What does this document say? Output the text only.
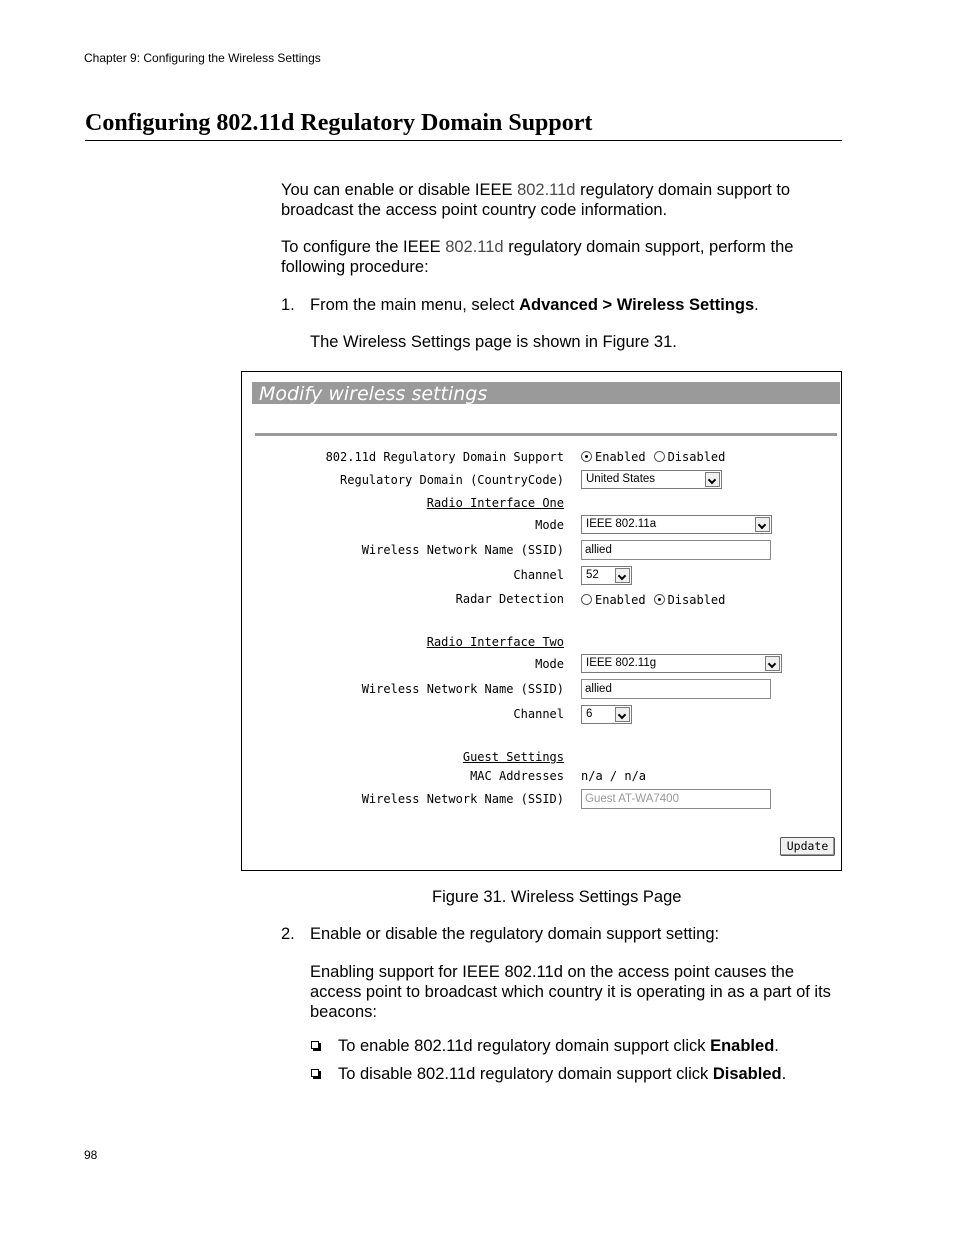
Chapter 9: Configuring the Wireless Settings
Configuring 802.11d Regulatory Domain Support
You can enable or disable IEEE 802.11d regulatory domain support to broadcast the access point country code information.
To configure the IEEE 802.11d regulatory domain support, perform the following procedure:
1. From the main menu, select Advanced > Wireless Settings.
The Wireless Settings page is shown in Figure 31.
Modify wireless settings
802.11d Regulatory Domain Support	Enabled Disabled
Regulatory Domain (CountryCode)	United States
Radio Interface One
Mode	IEEE 802.11a
Wireless Network Name (SSID)	allied
Channel	52
Radar Detection	Enabled Disabled
Radio Interface Two
Mode	IEEE 802.11g
Wireless Network Name (SSID)	allied
Channel	6
Guest Settings
MAC Addresses n/a / n/a
Wireless Network Name (SSID)	Guest AT-WA7400
Update
Figure 31. Wireless Settings Page
2. Enable or disable the regulatory domain support setting:
Enabling support for IEEE 802.11d on the access point causes the access point to broadcast which country it is operating in as a part of its beacons:
To enable 802.11d regulatory domain support click Enabled.
To disable 802.11d regulatory domain support click Disabled.
98
